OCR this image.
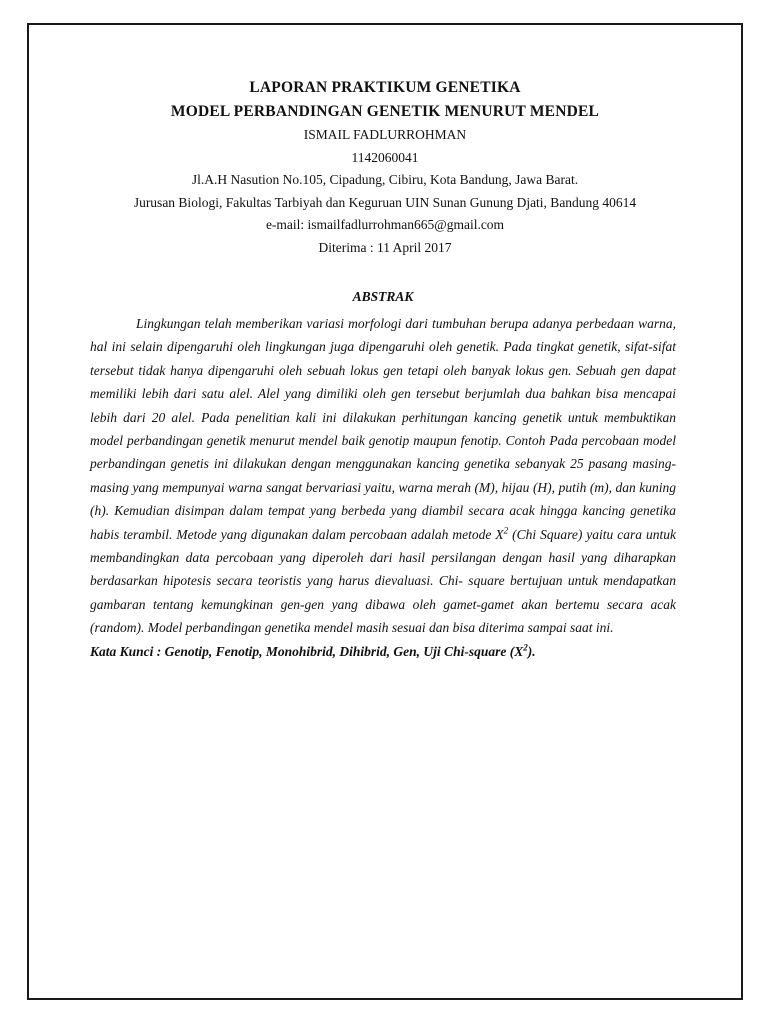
LAPORAN PRAKTIKUM GENETIKA

MODEL PERBANDINGAN GENETIK MENURUT MENDEL

ISMAIL FADLURROHMAN

1142060041

Jl.A.H Nasution No.105, Cipadung, Cibiru, Kota Bandung, Jawa Barat.

Jurusan Biologi, Fakultas Tarbiyah dan Keguruan UIN Sunan Gunung Djati, Bandung 40614

e-mail: ismailfadlurrohman665@gmail.com

Diterima : 11 April 2017

ABSTRAK

Lingkungan telah memberikan variasi morfologi dari tumbuhan berupa adanya perbedaan warna, hal ini selain dipengaruhi oleh lingkungan juga dipengaruhi oleh genetik. Pada tingkat genetik, sifat-sifat tersebut tidak hanya dipengaruhi oleh sebuah lokus gen tetapi oleh banyak lokus gen. Sebuah gen dapat memiliki lebih dari satu alel. Alel yang dimiliki oleh gen tersebut berjumlah dua bahkan bisa mencapai lebih dari 20 alel. Pada penelitian kali ini dilakukan perhitungan kancing genetik untuk membuktikan model perbandingan genetik menurut mendel baik genotip maupun fenotip. Contoh Pada percobaan model perbandingan genetis ini dilakukan dengan menggunakan kancing genetika sebanyak 25 pasang masing-masing yang mempunyai warna sangat bervariasi yaitu, warna merah (M), hijau (H), putih (m), dan kuning (h). Kemudian disimpan dalam tempat yang berbeda yang diambil secara acak hingga kancing genetika habis terambil. Metode yang digunakan dalam percobaan adalah metode $X^2$ (Chi Square) yaitu cara untuk membandingkan data percobaan yang diperoleh dari hasil persilangan dengan hasil yang diharapkan berdasarkan hipotesis secara teoristis yang harus dievaluasi. Chi- square bertujuan untuk mendapatkan gambaran tentang kemungkinan gen-gen yang dibawa oleh gamet-gamet akan bertemu secara acak (random). Model perbandingan genetika mendel masih sesuai dan bisa diterima sampai saat ini.

Kata Kunci : Genotip, Fenotip, Monohibrid, Dihibrid, Gen, Uji Chi-square $(X^2)$.
